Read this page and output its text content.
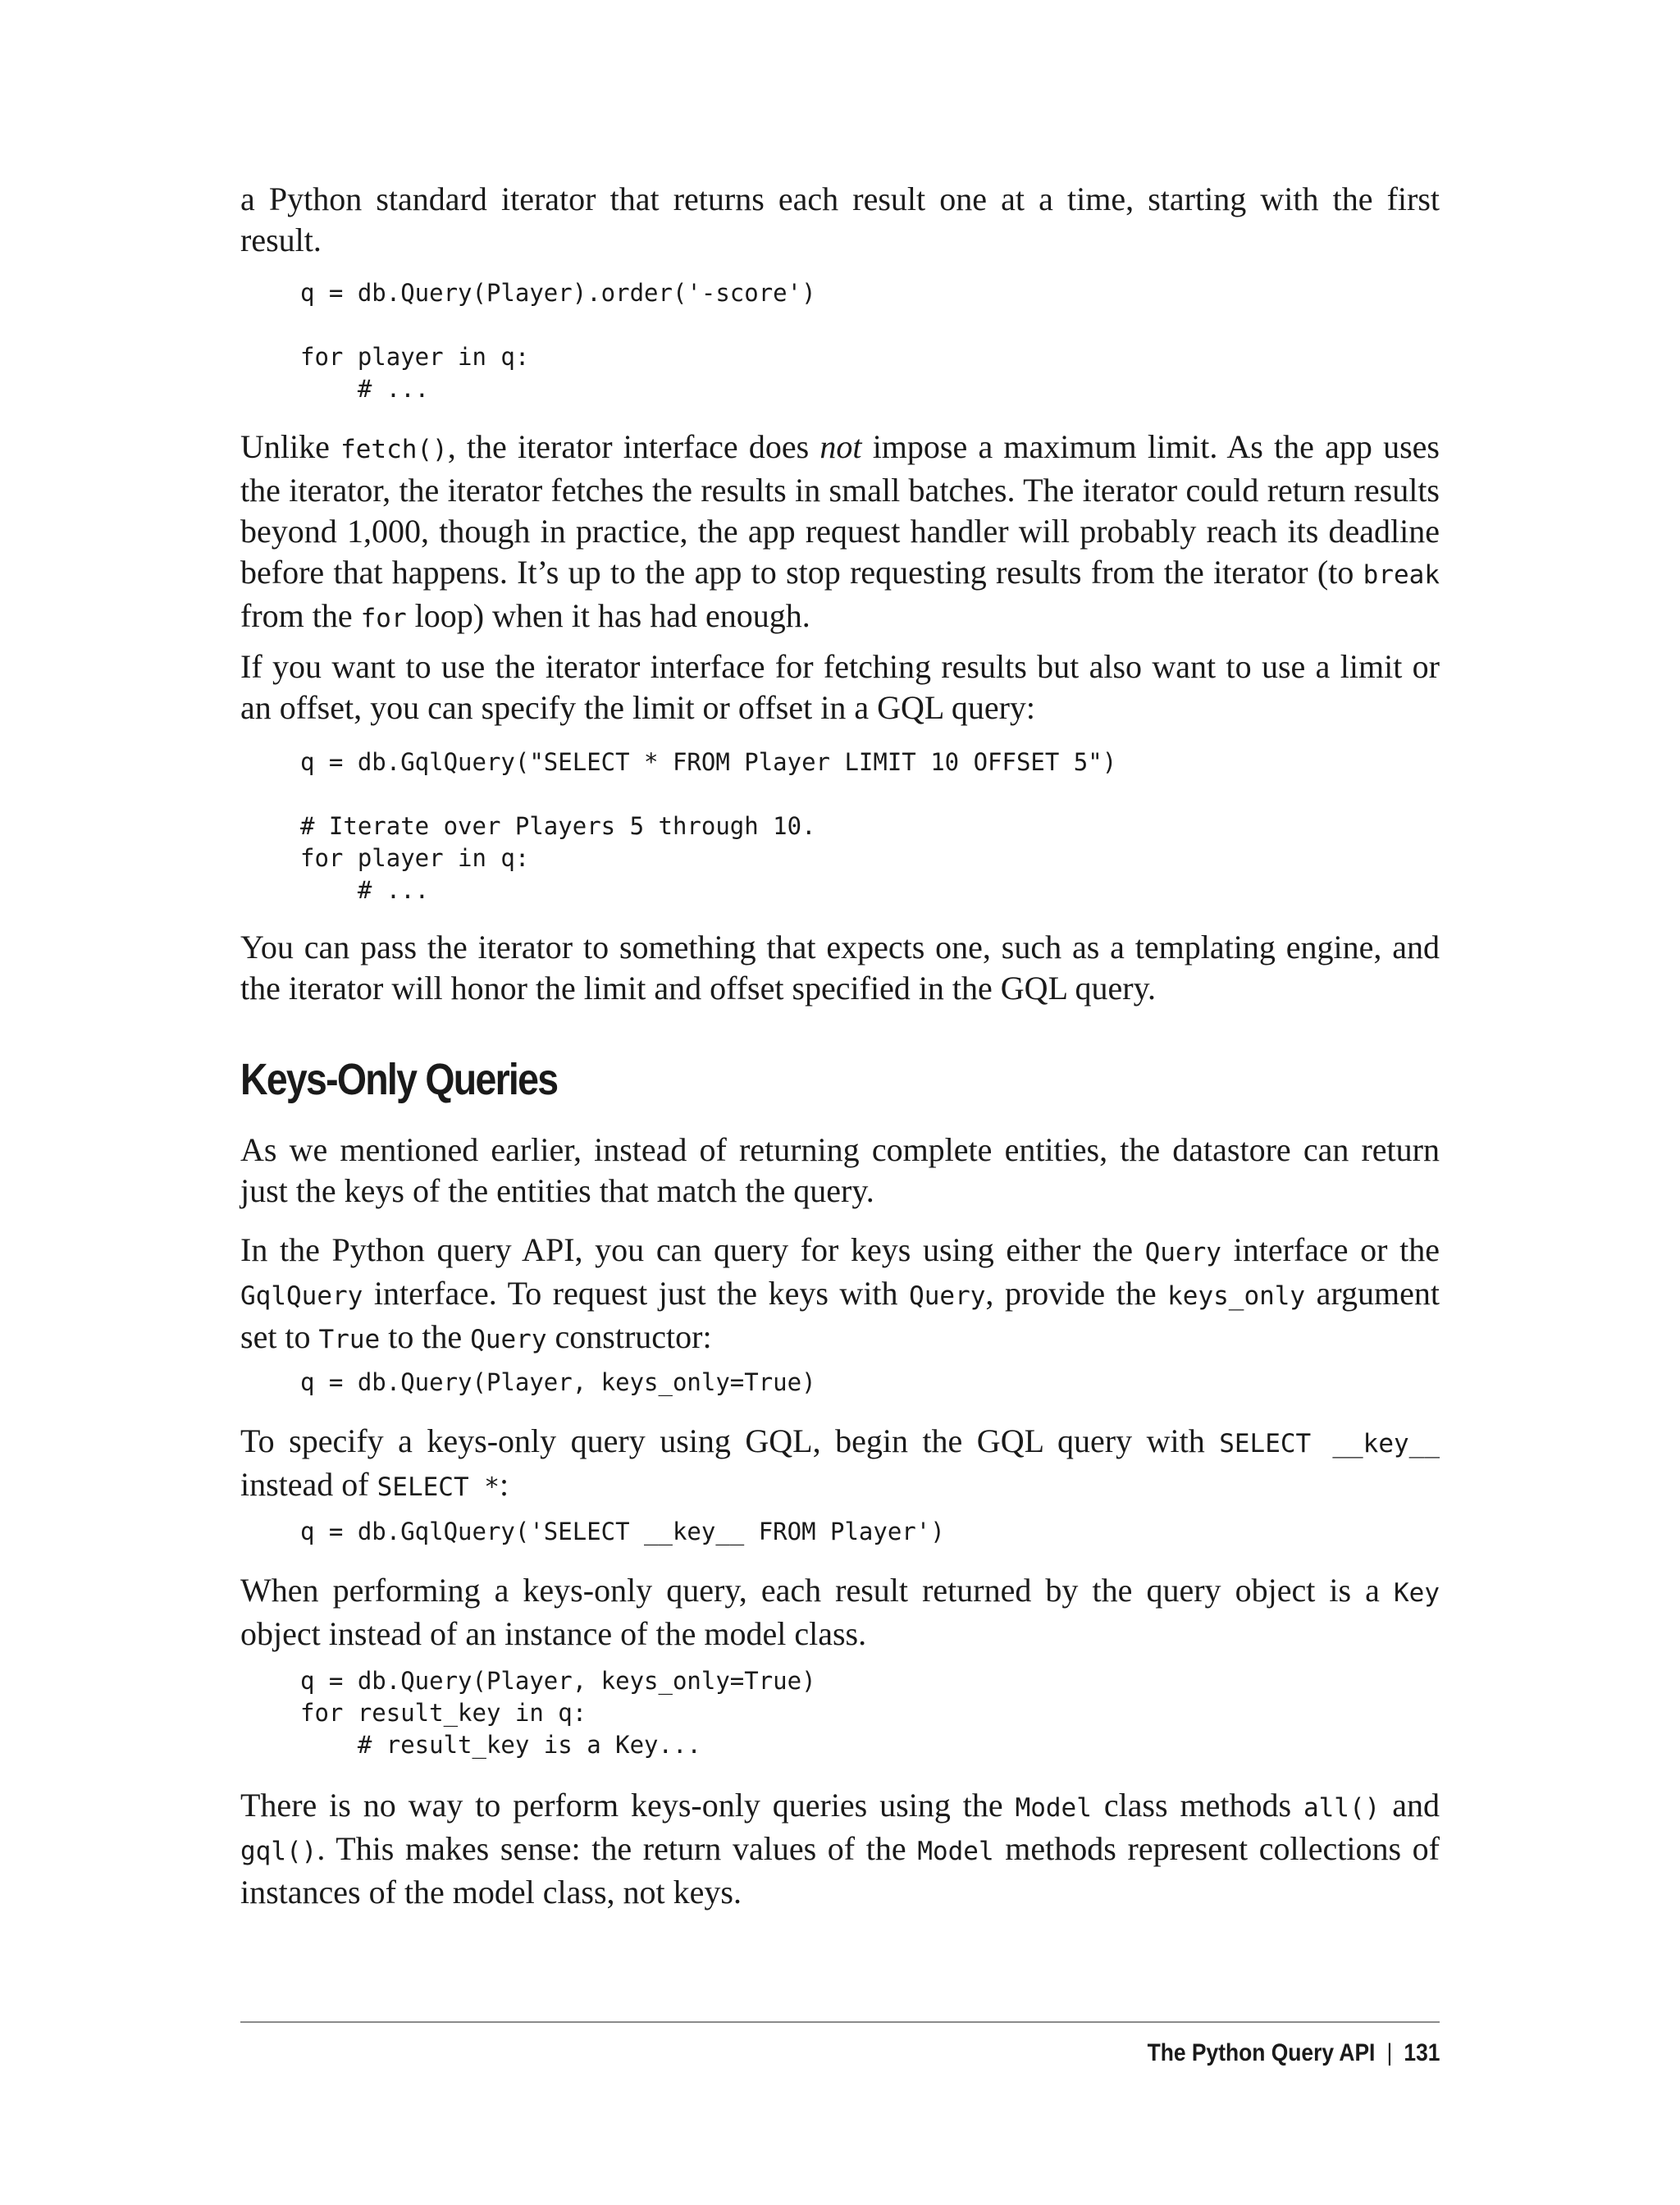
a Python standard iterator that returns each result one at a time, starting with the first result.

q = db.Query(Player).order('-score')

for player in q:
# ...

Unlike fetch(), the iterator interface does not impose a maximum limit. As the app uses the iterator, the iterator fetches the results in small batches. The iterator could return results beyond 1,000, though in practice, the app request handler will probably reach its deadline before that happens. It’s up to the app to stop requesting results from the iterator (to break from the for loop) when it has had enough.

If you want to use the iterator interface for fetching results but also want to use a limit or an offset, you can specify the limit or offset in a GQL query:

q = db.GqlQuery("SELECT * FROM Player LIMIT 10 OFFSET 5")

# Iterate over Players 5 through 10.
for player in q:
# ...

You can pass the iterator to something that expects one, such as a templating engine, and the iterator will honor the limit and offset specified in the GQL query.

Keys-Only Queries

As we mentioned earlier, instead of returning complete entities, the datastore can return just the keys of the entities that match the query.

In the Python query API, you can query for keys using either the Query interface or the GqlQuery interface. To request just the keys with Query, provide the keys_only argument set to True to the Query constructor:

q = db.Query(Player, keys_only=True)

To specify a keys-only query using GQL, begin the GQL query with SELECT __key__ instead of SELECT *:

q = db.GqlQuery('SELECT __key__ FROM Player')

When performing a keys-only query, each result returned by the query object is a Key object instead of an instance of the model class.

q = db.Query(Player, keys_only=True)
for result_key in q:
# result_key is a Key...

There is no way to perform keys-only queries using the Model class methods all() and gql(). This makes sense: the return values of the Model methods represent collections of instances of the model class, not keys.

The Python Query API | 131
